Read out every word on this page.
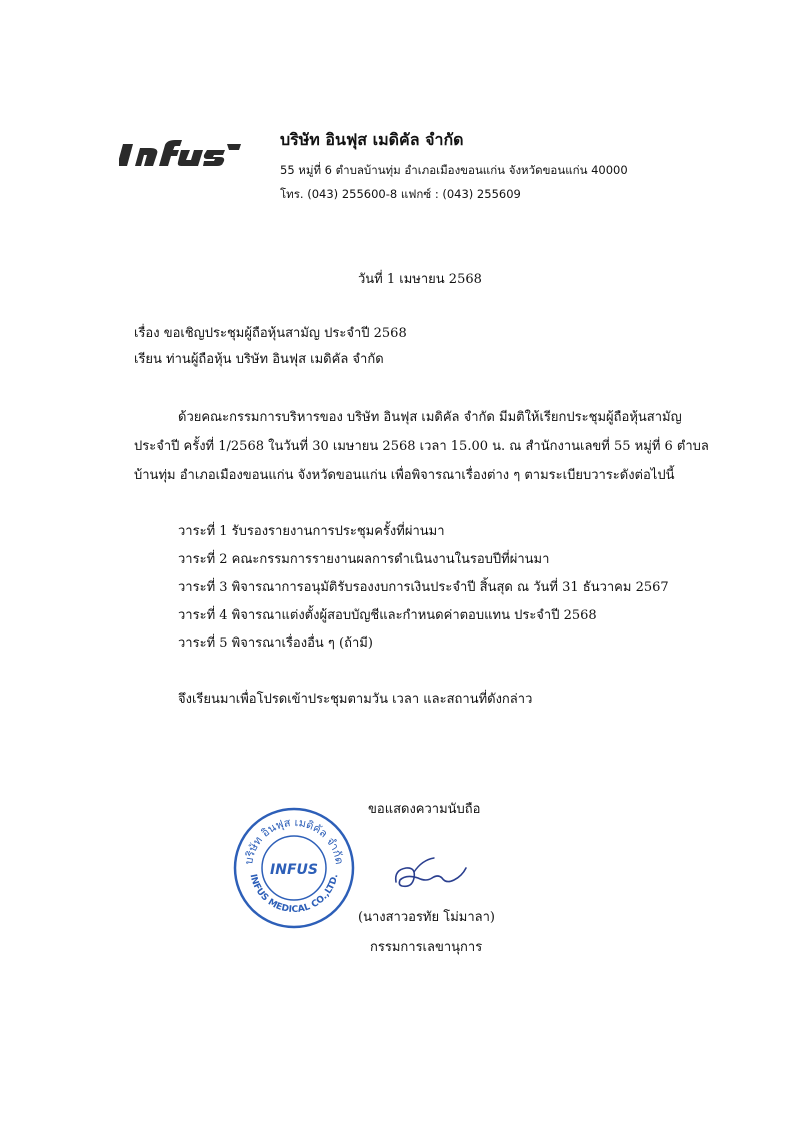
บริษัท อินฟุส เมดิคัล จำกัด
55 หมู่ที่ 6 ตำบลบ้านทุ่ม อำเภอเมืองขอนแก่น จังหวัดขอนแก่น 40000
โทร. (043) 255600-8 แฟกซ์ : (043) 255609
วันที่ 1 เมษายน 2568
เรื่อง ขอเชิญประชุมผู้ถือหุ้นสามัญ ประจำปี 2568
เรียน ท่านผู้ถือหุ้น บริษัท อินฟุส เมดิคัล จำกัด
ด้วยคณะกรรมการบริหารของ บริษัท อินฟุส เมดิคัล จำกัด มีมติให้เรียกประชุมผู้ถือหุ้นสามัญ
ประจำปี ครั้งที่ 1/2568 ในวันที่ 30 เมษายน 2568 เวลา 15.00 น. ณ สำนักงานเลขที่ 55 หมู่ที่ 6 ตำบล
บ้านทุ่ม อำเภอเมืองขอนแก่น จังหวัดขอนแก่น เพื่อพิจารณาเรื่องต่าง ๆ ตามระเบียบวาระดังต่อไปนี้
วาระที่ 1 รับรองรายงานการประชุมครั้งที่ผ่านมา
วาระที่ 2 คณะกรรมการรายงานผลการดำเนินงานในรอบปีที่ผ่านมา
วาระที่ 3 พิจารณาการอนุมัติรับรองงบการเงินประจำปี สิ้นสุด ณ วันที่ 31 ธันวาคม 2567
วาระที่ 4 พิจารณาแต่งตั้งผู้สอบบัญชีและกำหนดค่าตอบแทน ประจำปี 2568
วาระที่ 5 พิจารณาเรื่องอื่น ๆ (ถ้ามี)
จึงเรียนมาเพื่อโปรดเข้าประชุมตามวัน เวลา และสถานที่ดังกล่าว
ขอแสดงความนับถือ
บริษัท อินฟุส เมดิคัล จำกัด
INFUS MEDICAL CO.,LTD.
INFUS
(นางสาวอรทัย โม่มาลา)
กรรมการเลขานุการ
